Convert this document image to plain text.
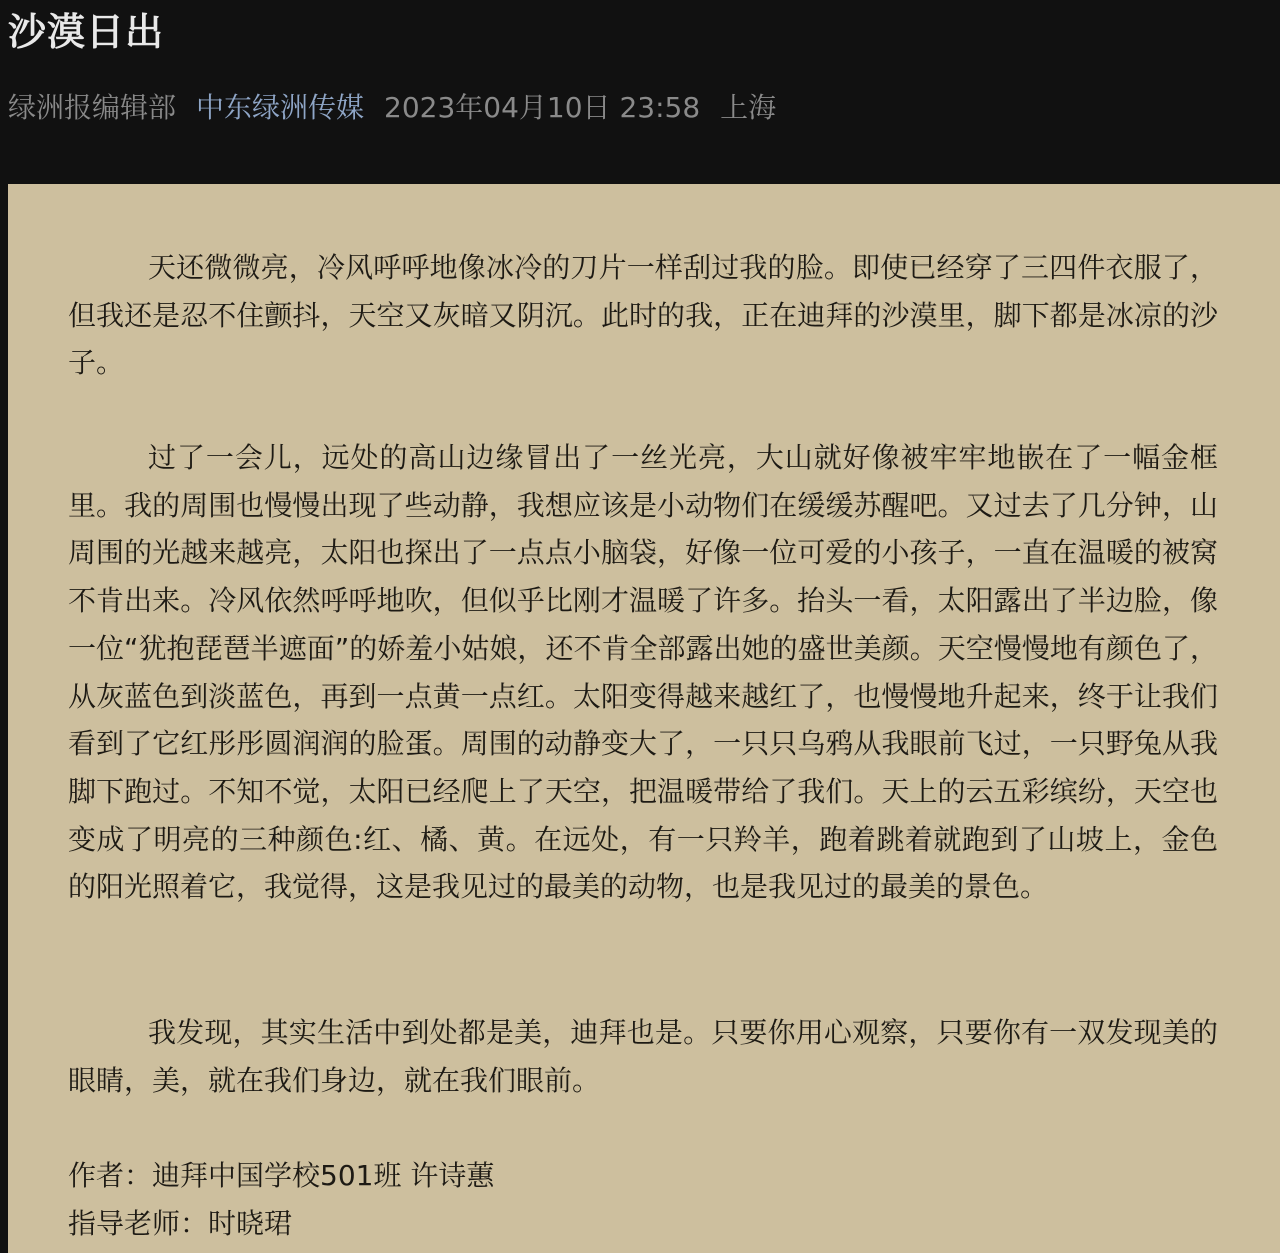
沙漠日出
绿洲报编辑部 中东绿洲传媒 2023年04月10日 23:58 上海

天还微微亮，冷风呼呼地像冰冷的刀片一样刮过我的脸。即使已经穿了三四件衣服了，但我还是忍不住颤抖，天空又灰暗又阴沉。此时的我，正在迪拜的沙漠里，脚下都是冰凉的沙子。

过了一会儿，远处的高山边缘冒出了一丝光亮，大山就好像被牢牢地嵌在了一幅金框里。我的周围也慢慢出现了些动静，我想应该是小动物们在缓缓苏醒吧。又过去了几分钟，山周围的光越来越亮，太阳也探出了一点点小脑袋，好像一位可爱的小孩子，一直在温暖的被窝不肯出来。冷风依然呼呼地吹，但似乎比刚才温暖了许多。抬头一看，太阳露出了半边脸，像一位“犹抱琵琶半遮面”的娇羞小姑娘，还不肯全部露出她的盛世美颜。天空慢慢地有颜色了，从灰蓝色到淡蓝色，再到一点黄一点红。太阳变得越来越红了，也慢慢地升起来，终于让我们看到了它红彤彤圆润润的脸蛋。周围的动静变大了，一只只乌鸦从我眼前飞过，一只野兔从我脚下跑过。不知不觉，太阳已经爬上了天空，把温暖带给了我们。天上的云五彩缤纷，天空也变成了明亮的三种颜色:红、橘、黄。在远处，有一只羚羊，跑着跳着就跑到了山坡上，金色的阳光照着它，我觉得，这是我见过的最美的动物，也是我见过的最美的景色。

我发现，其实生活中到处都是美，迪拜也是。只要你用心观察，只要你有一双发现美的眼睛，美，就在我们身边，就在我们眼前。

作者：迪拜中国学校501班 许诗蕙

指导老师：时晓珺
